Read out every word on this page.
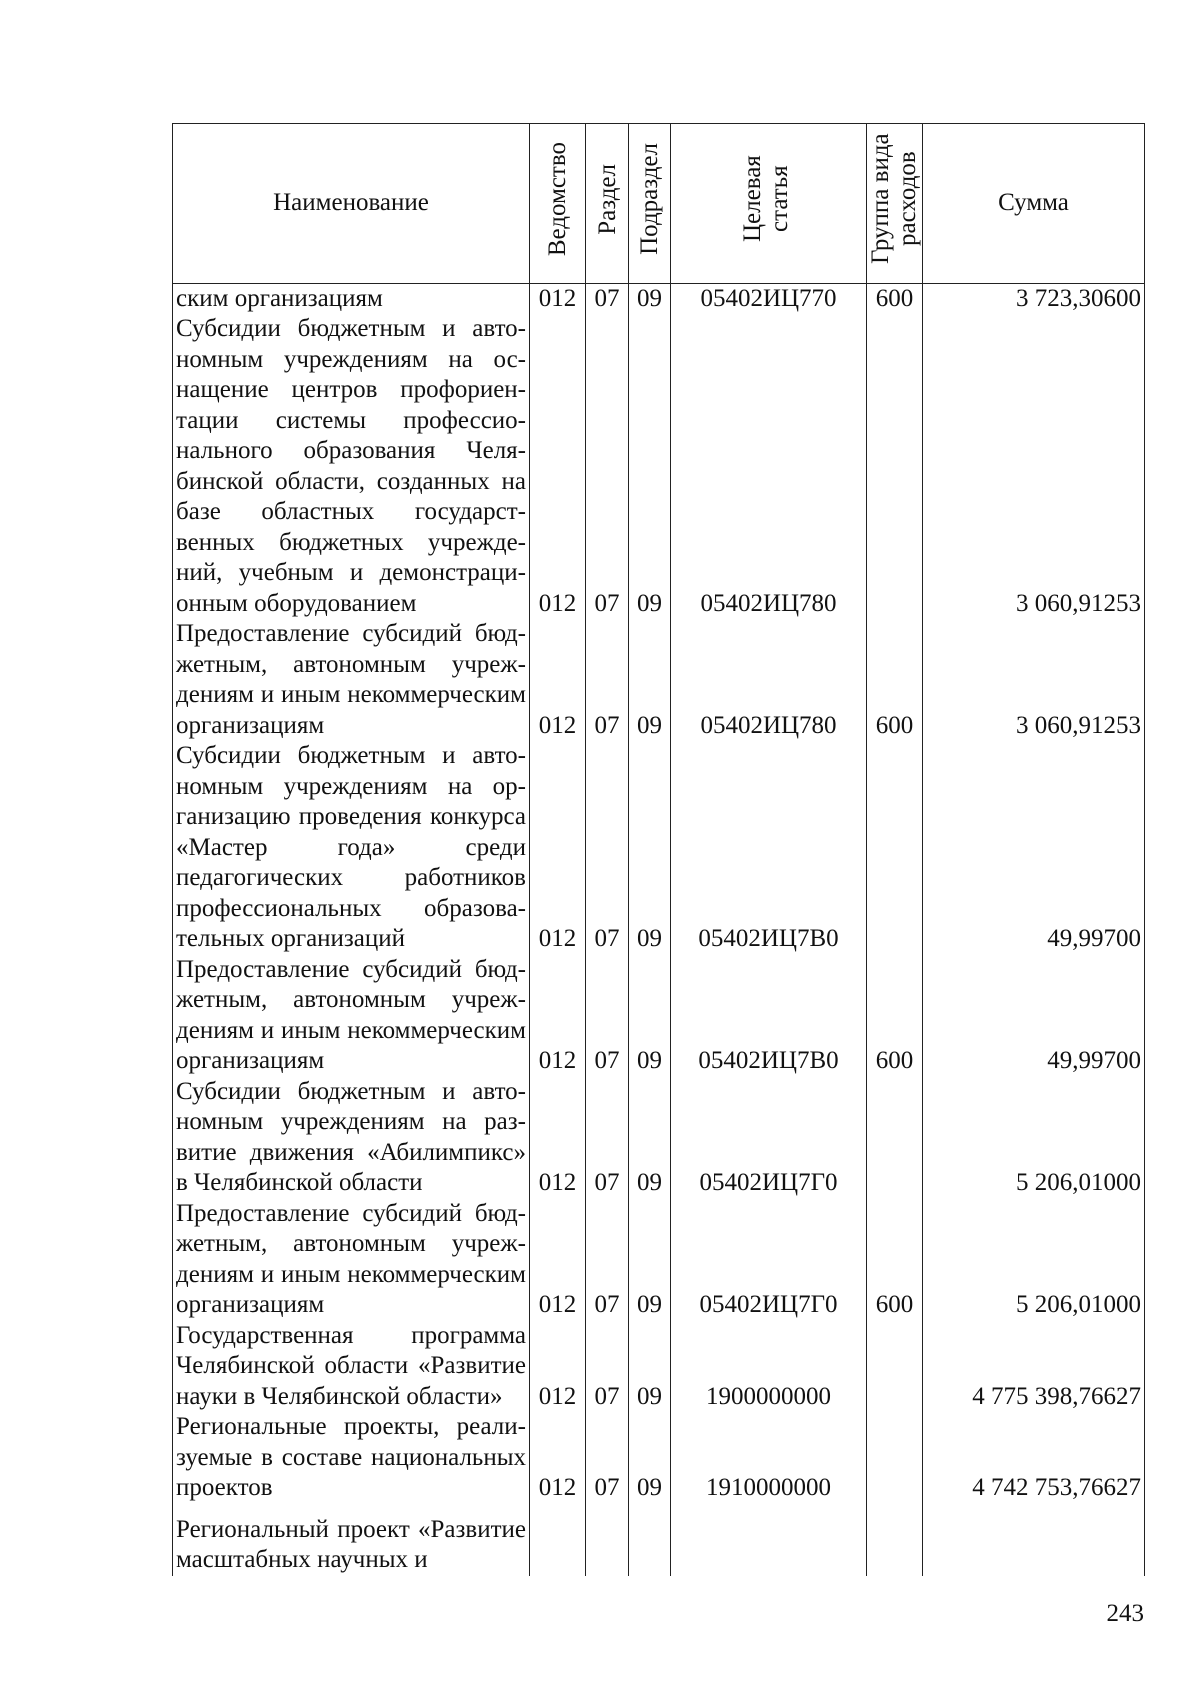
Наименование	Ведомство	Раздел	Подраздел	Целевая статья	Группа вида расходов	Сумма

ским организациям	012	07	09	05402ИЦ770	600	3 723,30600
Субсидии бюджетным и автономным учреждениям на оснащение центров профориентации системы профессионального образования Челябинской области, созданных на базе областных государственных бюджетных учреждений, учебным и демонстрационным оборудованием	012	07	09	05402ИЦ780		3 060,91253
Предоставление субсидий бюджетным, автономным учреждениям и иным некоммерческим организациям	012	07	09	05402ИЦ780	600	3 060,91253
Субсидии бюджетным и автономным учреждениям на организацию проведения конкурса «Мастер года» среди педагогических работников профессиональных образовательных организаций	012	07	09	05402ИЦ7В0		49,99700
Предоставление субсидий бюджетным, автономным учреждениям и иным некоммерческим организациям	012	07	09	05402ИЦ7В0	600	49,99700
Субсидии бюджетным и автономным учреждениям на развитие движения «Абилимпикс» в Челябинской области	012	07	09	05402ИЦ7Г0		5 206,01000
Предоставление субсидий бюджетным, автономным учреждениям и иным некоммерческим организациям	012	07	09	05402ИЦ7Г0	600	5 206,01000
Государственная программа Челябинской области «Развитие науки в Челябинской области»	012	07	09	1900000000		4 775 398,76627
Региональные проекты, реализуемые в составе национальных проектов	012	07	09	1910000000		4 742 753,76627
Региональный проект «Развитие масштабных научных и						
243
